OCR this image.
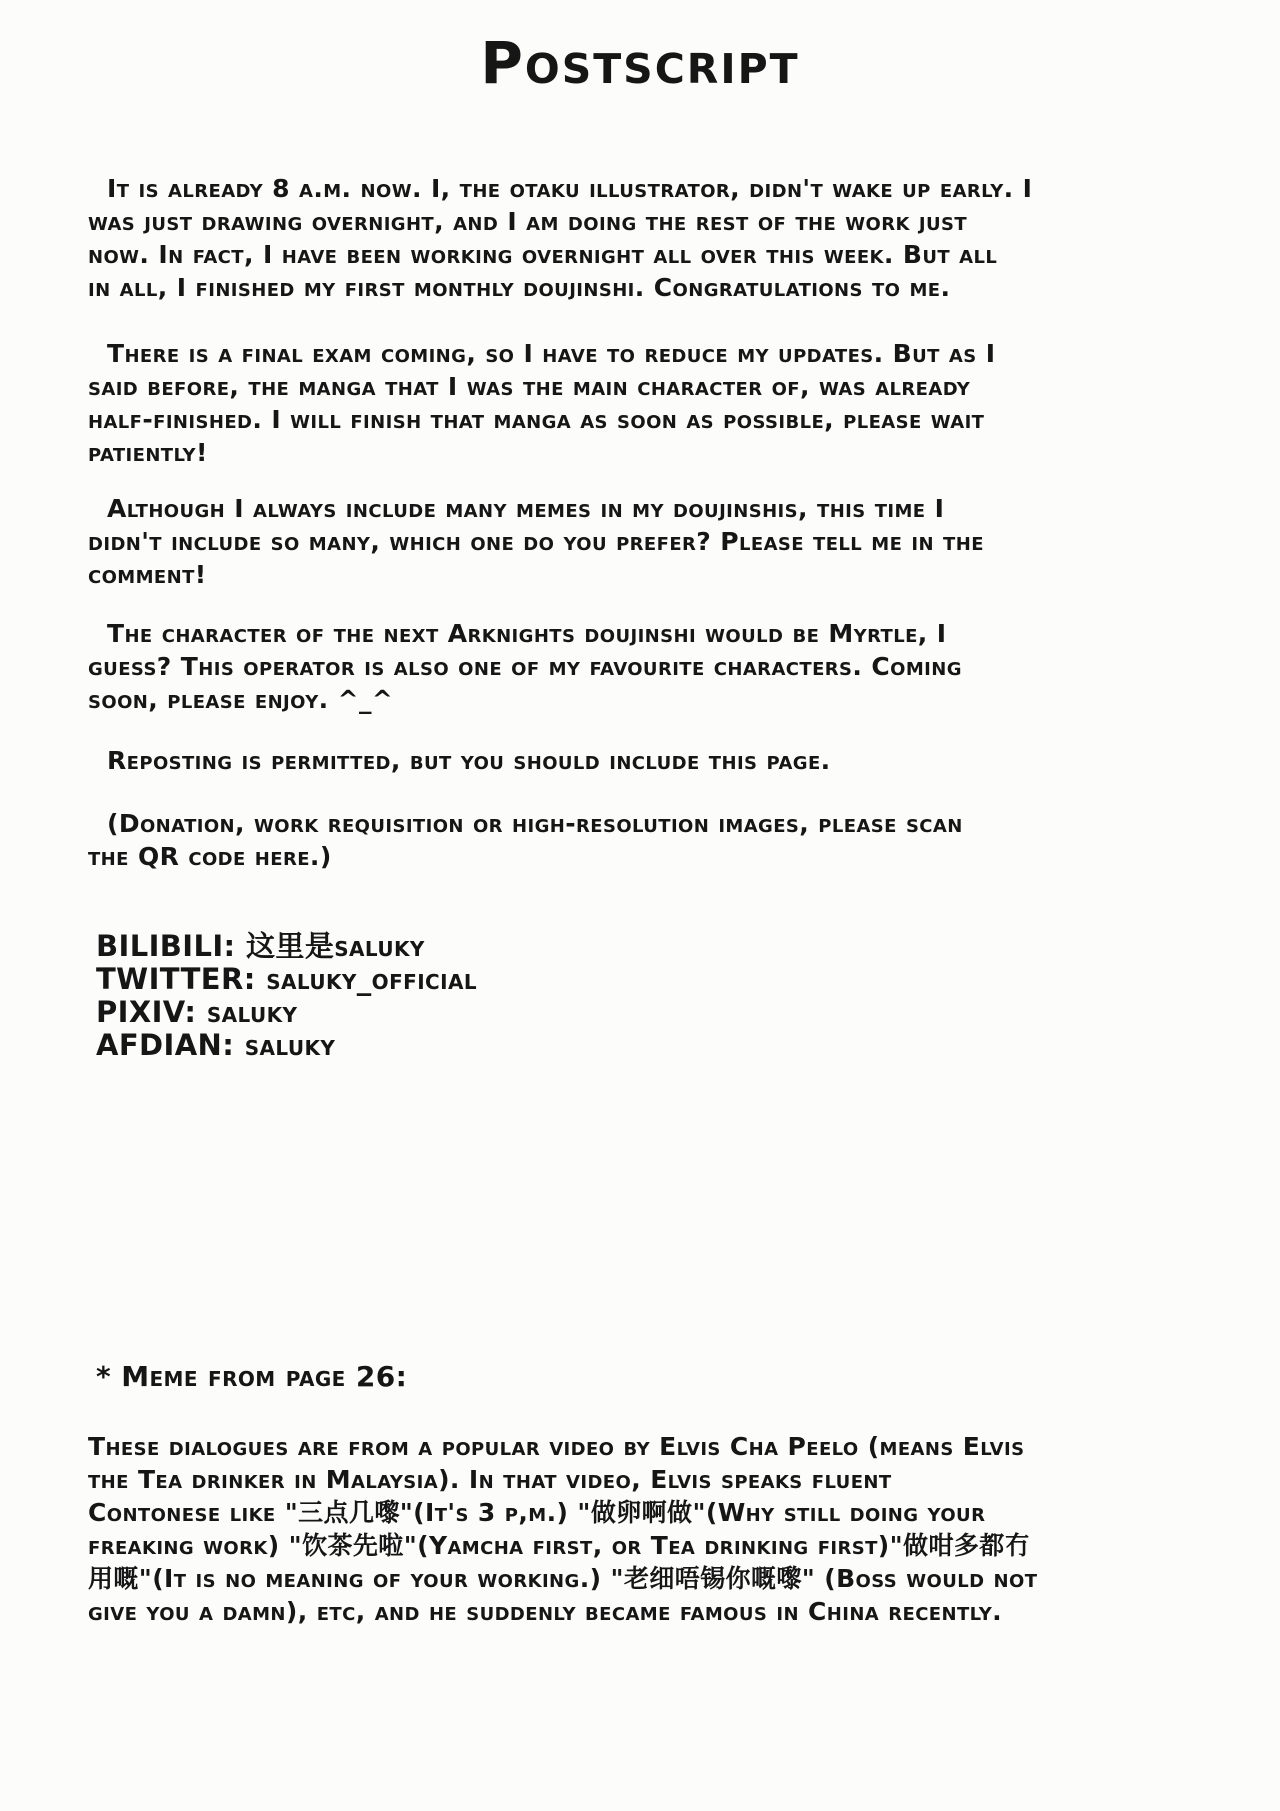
Postscript
It is already 8 a.m. now. I, the otaku illustrator, didn't wake up early. I
was just drawing overnight, and I am doing the rest of the work just
now. In fact, I have been working overnight all over this week. But all
in all, I finished my first monthly doujinshi. Congratulations to me.
There is a final exam coming, so I have to reduce my updates. But as I
said before, the manga that I was the main character of, was already
half-finished. I will finish that manga as soon as possible, please wait
patiently!
Although I always include many memes in my doujinshis, this time I
didn't include so many, which one do you prefer? Please tell me in the
comment!
The character of the next Arknights doujinshi would be Myrtle, I
guess? This operator is also one of my favourite characters. Coming
soon, please enjoy. ^_^
Reposting is permitted, but you should include this page.
(Donation, work requisition or high-resolution images, please scan
the QR code here.)
BILIBILI: 这里是saluky
TWITTER: saluky_official
PIXIV: saluky
AFDIAN: saluky
* Meme from page 26:
These dialogues are from a popular video by Elvis Cha Peelo (means Elvis
the Tea drinker in Malaysia). In that video, Elvis speaks fluent
Contonese like "三点几嚟"(It's 3 p,m.) "做卵啊做"(Why still doing your
freaking work) "饮茶先啦"(Yamcha first, or Tea drinking first)"做咁多都冇
用嘅"(It is no meaning of your working.) "老细唔锡你嘅嚟" (Boss would not
give you a damn), etc, and he suddenly became famous in China recently.
